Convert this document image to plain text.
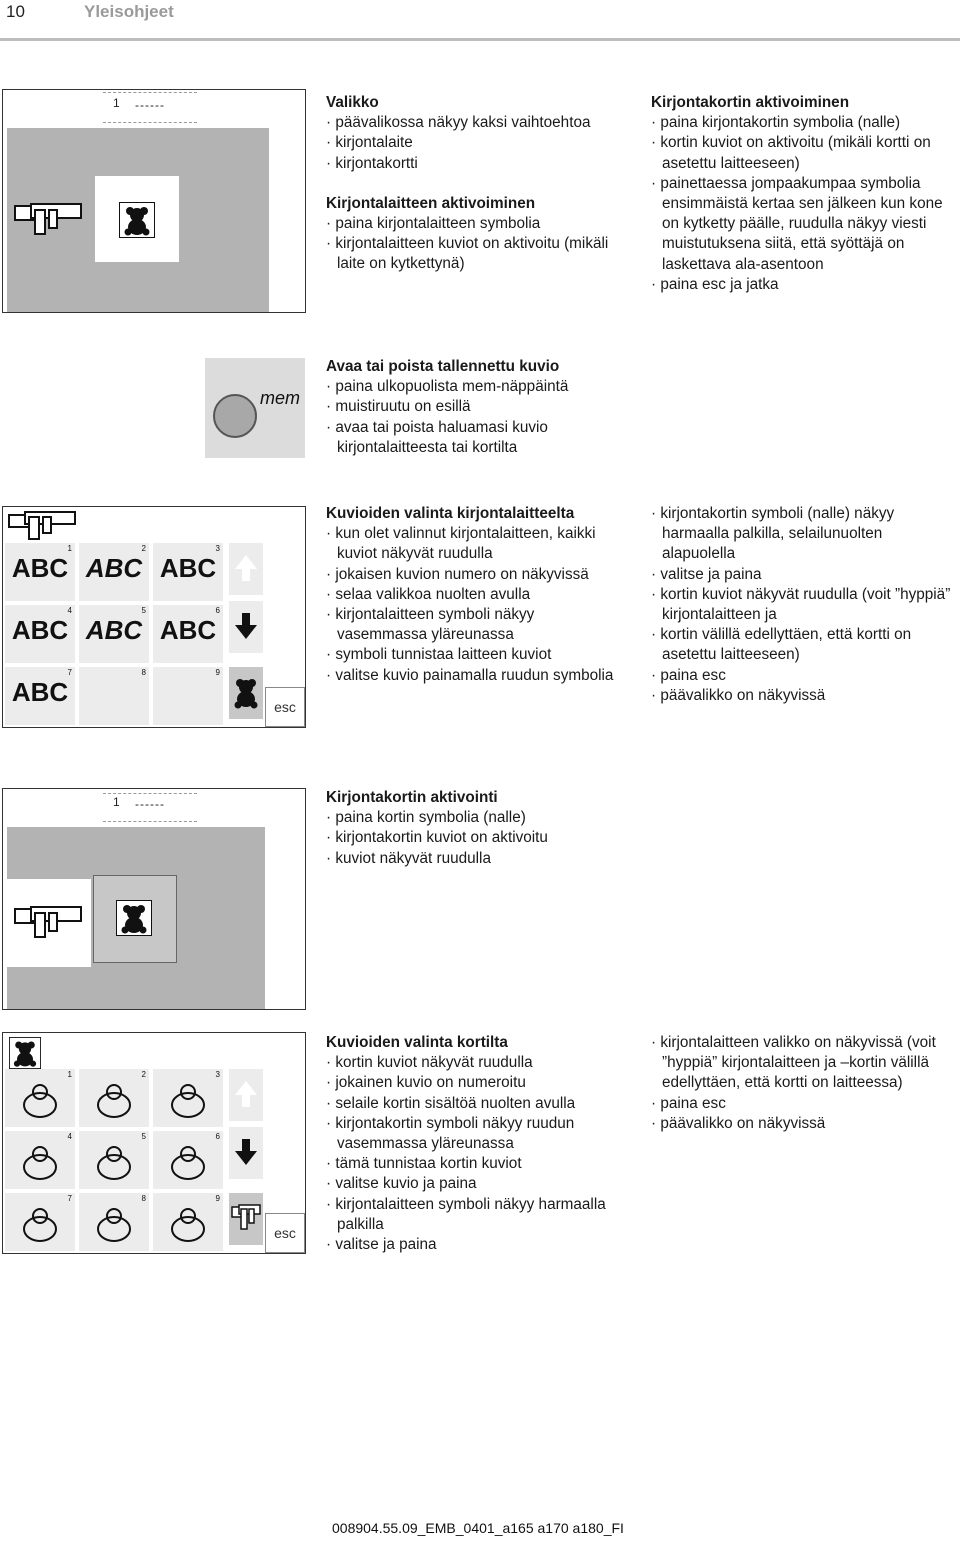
10	Yleisohjeet
1 ------	Valikko
· päävalikossa näkyy kaksi vaihtoehtoa
· kirjontalaite
· kirjontakortti
Kirjontalaitteen aktivoiminen
· paina kirjontalaitteen symbolia
· kirjontalaitteen kuviot on aktivoitu (mikäli laite on kytkettynä)
Kirjontakortin aktivoiminen
· paina kirjontakortin symbolia (nalle)
· kortin kuviot on aktivoitu (mikäli kortti on asetettu laitteeseen)
· painettaessa jompaakumpaa symbolia ensimmäistä kertaa sen jälkeen kun kone on kytketty päälle, ruudulla näkyy viesti muistutuksena siitä, että syöttäjä on laskettava ala-asentoon
· paina esc ja jatka
mem
Avaa tai poista tallennettu kuvio
· paina ulkopuolista mem-näppäintä
· muistiruutu on esillä
· avaa tai poista haluamasi kuvio kirjontalaitteesta tai kortilta
1
ABC
2
ABC
3
ABC
4
ABC
5
ABC
6
ABC
7
ABC
8	9
esc
Kuvioiden valinta kirjontalaitteelta
· kun olet valinnut kirjontalaitteen, kaikki kuviot näkyvät ruudulla
· jokaisen kuvion numero on näkyvissä
· selaa valikkoa nuolten avulla
· kirjontalaitteen symboli näkyy vasemmassa yläreunassa
· symboli tunnistaa laitteen kuviot
· valitse kuvio painamalla ruudun symbolia
· kirjontakortin symboli (nalle) näkyy harmaalla palkilla, selailunuolten alapuolella
· valitse ja paina
· kortin kuviot näkyvät ruudulla (voit ”hyppiä” kirjontalaitteen ja
· kortin välillä edellyttäen, että kortti on asetettu laitteeseen)
· paina esc
· päävalikko on näkyvissä
1 ------	Kirjontakortin aktivointi
· paina kortin symbolia (nalle)
· kirjontakortin kuviot on aktivoitu
· kuviot näkyvät ruudulla
1	2	3
4	5	6
7	8	9
esc
Kuvioiden valinta kortilta
· kortin kuviot näkyvät ruudulla
· jokainen kuvio on numeroitu
· selaile kortin sisältöä nuolten avulla
· kirjontakortin symboli näkyy ruudun vasemmassa yläreunassa
· tämä tunnistaa kortin kuviot
· valitse kuvio ja paina
· kirjontalaitteen symboli näkyy harmaalla palkilla
· valitse ja paina
· kirjontalaitteen valikko on näkyvissä (voit ”hyppiä” kirjontalaitteen ja –kortin välillä edellyttäen, että kortti on laitteessa)
· paina esc
· päävalikko on näkyvissä
008904.55.09_EMB_0401_a165 a170 a180_FI
